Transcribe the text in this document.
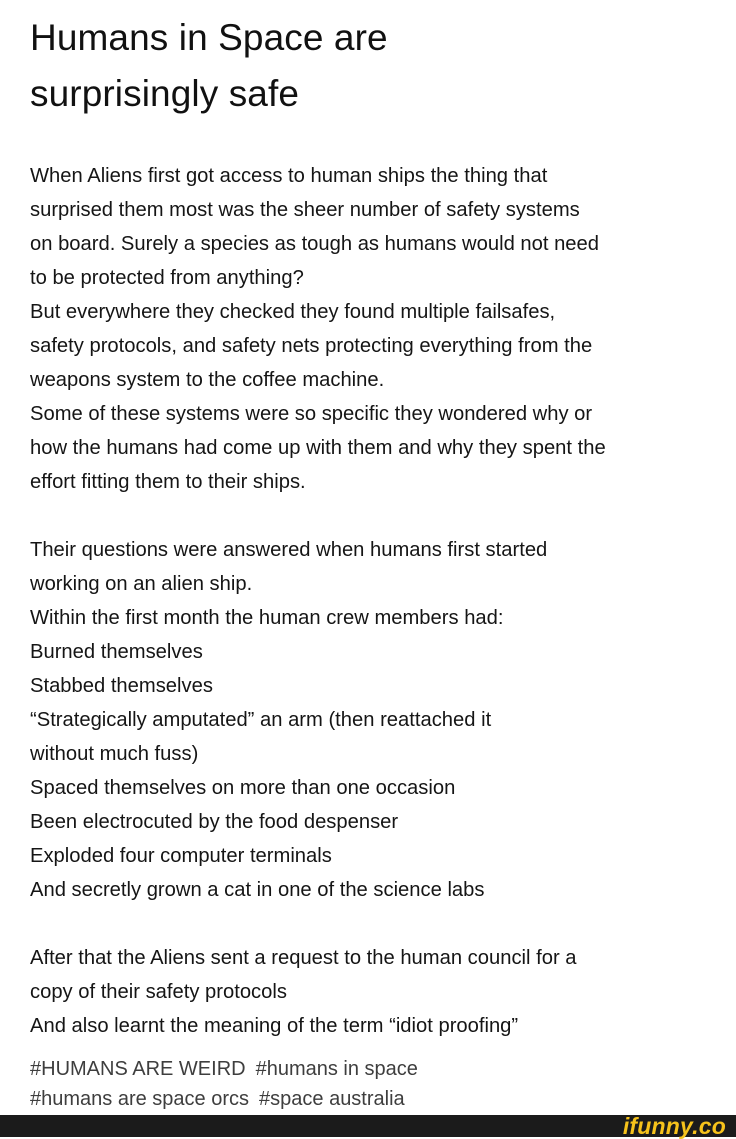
Humans in Space are
surprisingly safe
When Aliens first got access to human ships the thing that
surprised them most was the sheer number of safety systems
on board. Surely a species as tough as humans would not need
to be protected from anything?
But everywhere they checked they found multiple failsafes,
safety protocols, and safety nets protecting everything from the
weapons system to the coffee machine.
Some of these systems were so specific they wondered why or
how the humans had come up with them and why they spent the
effort fitting them to their ships.
Their questions were answered when humans first started
working on an alien ship.
Within the first month the human crew members had:
Burned themselves
Stabbed themselves
“Strategically amputated” an arm (then reattached it
without much fuss)
Spaced themselves on more than one occasion
Been electrocuted by the food despenser
Exploded four computer terminals
And secretly grown a cat in one of the science labs
After that the Aliens sent a request to the human council for a
copy of their safety protocols
And also learnt the meaning of the term “idiot proofing”
#HUMANS ARE WEIRD #humans in space
#humans are space orcs #space australia
ifunny.co
